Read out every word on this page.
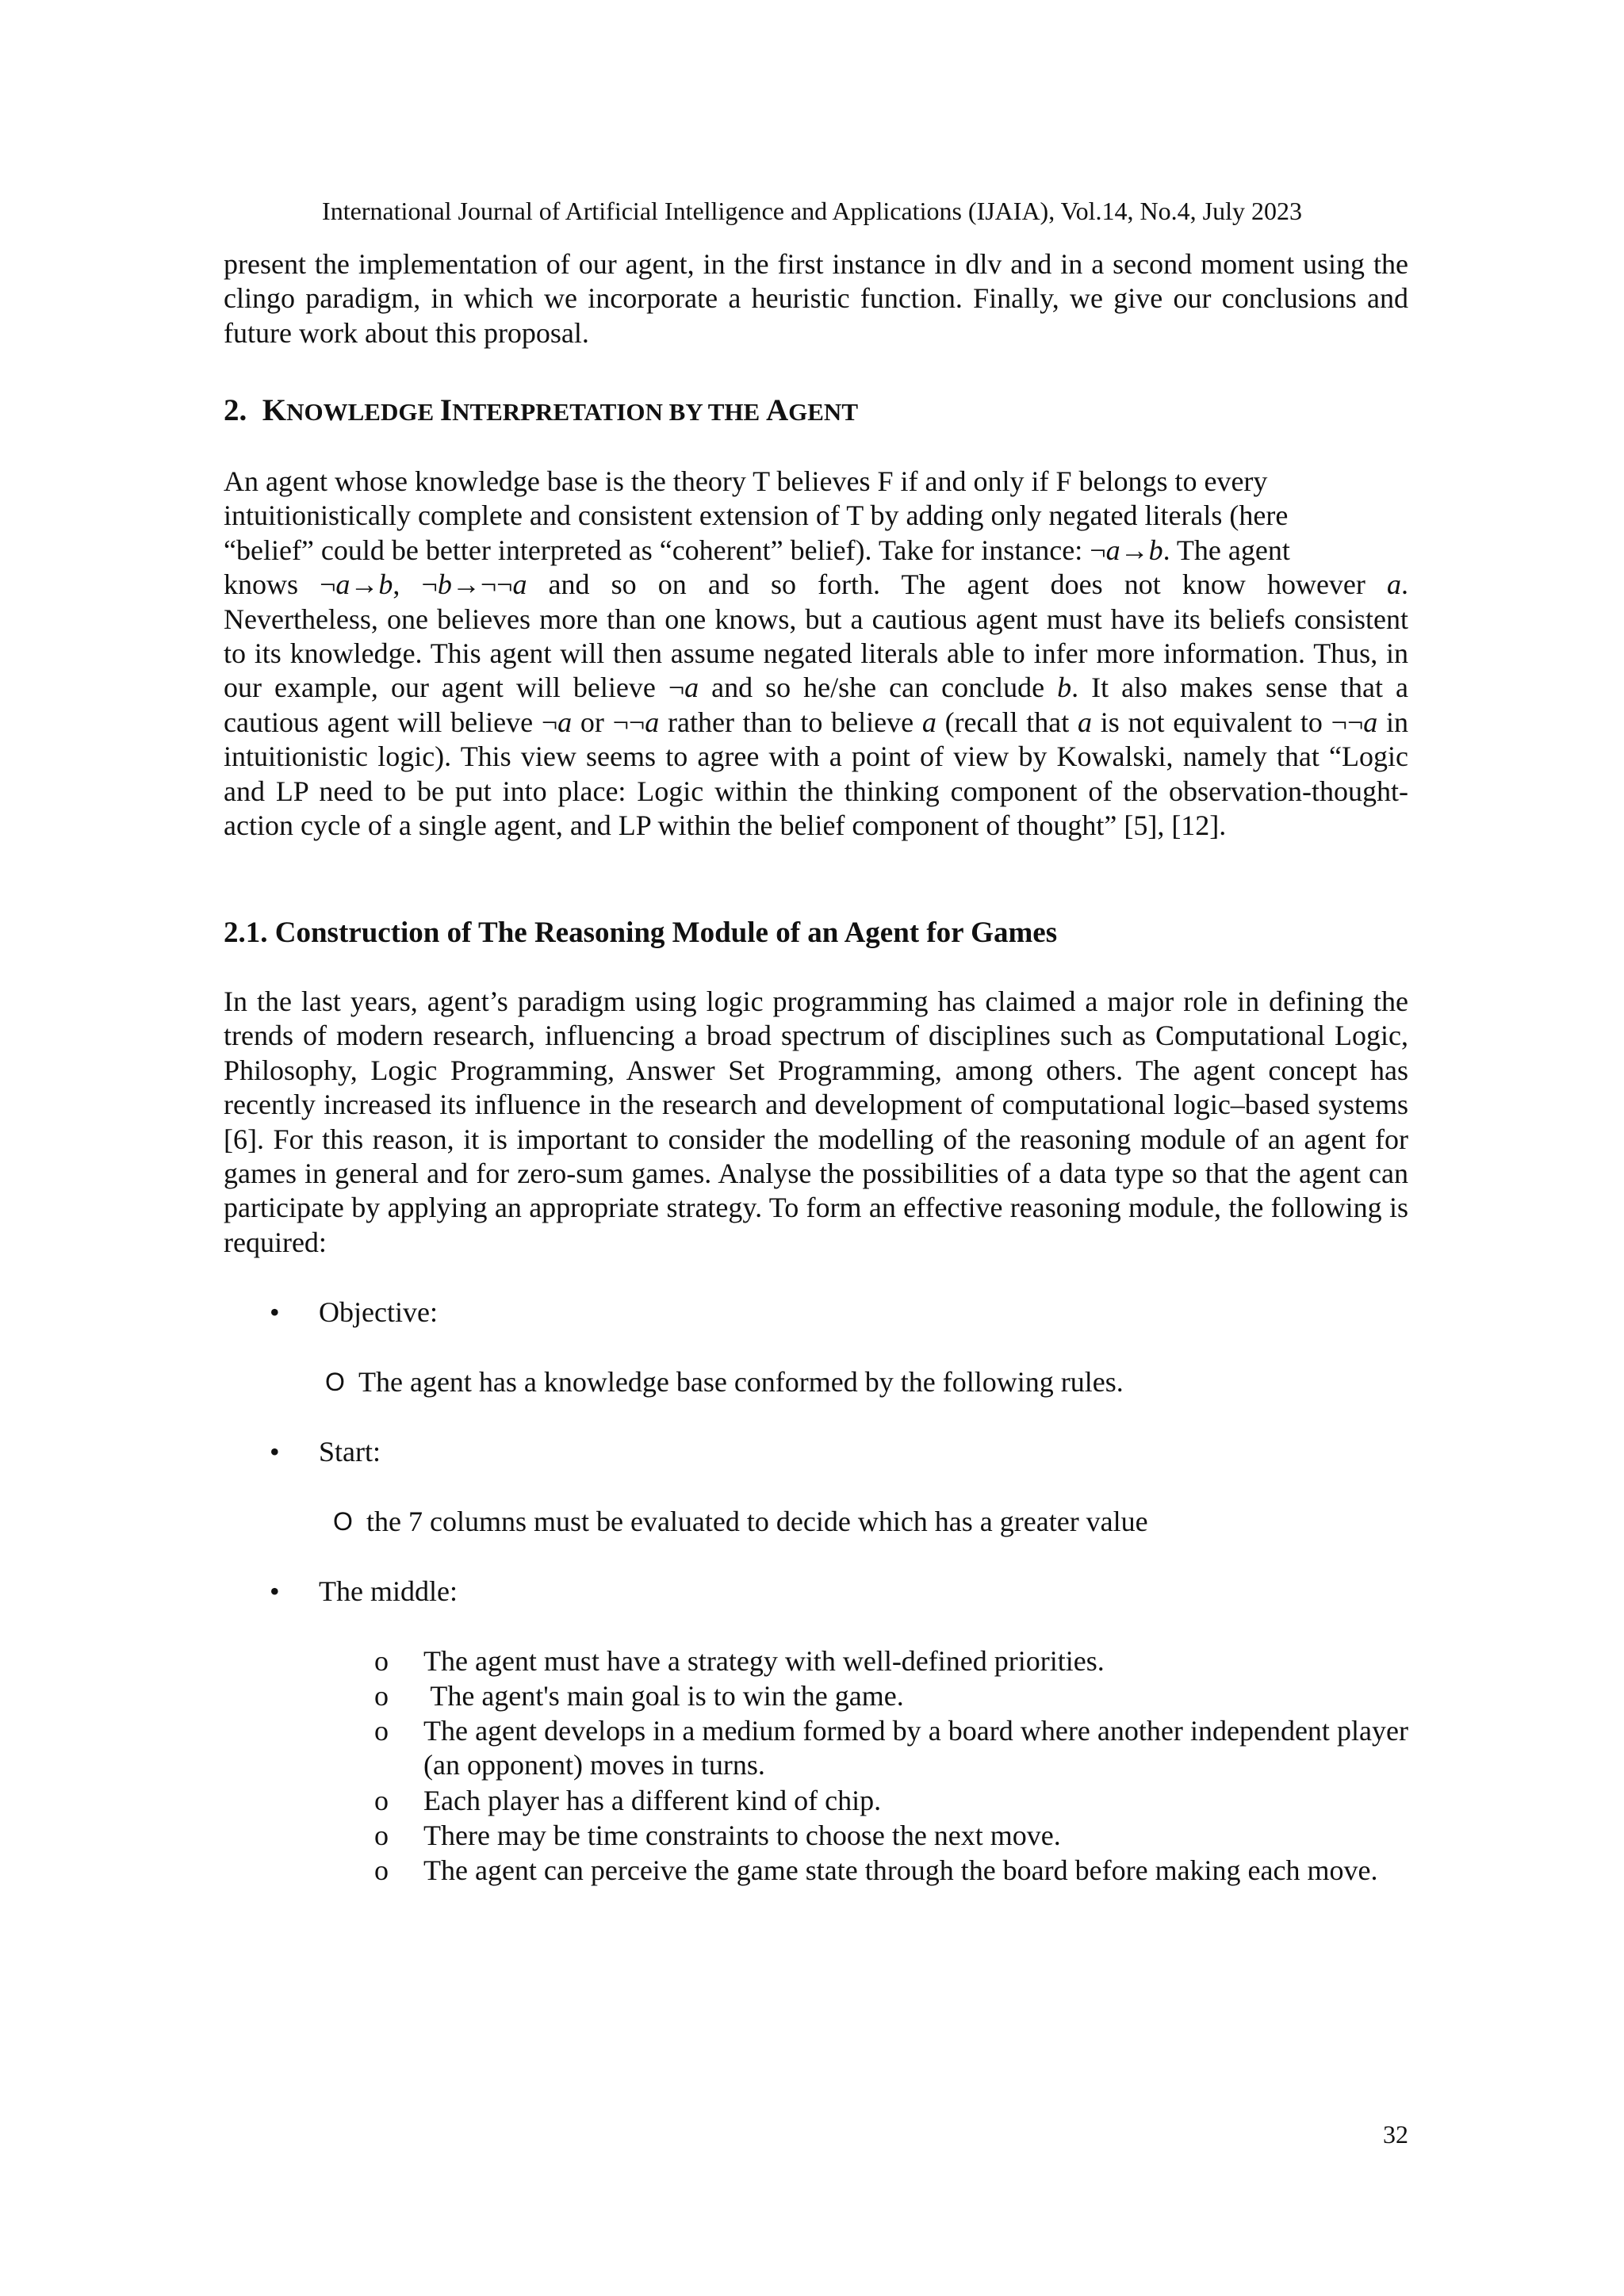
International Journal of Artificial Intelligence and Applications (IJAIA), Vol.14, No.4, July 2023

present the implementation of our agent, in the first instance in dlv and in a second moment using the clingo paradigm, in which we incorporate a heuristic function. Finally, we give our conclusions and future work about this proposal.

2. KNOWLEDGE INTERPRETATION BY THE AGENT

An agent whose knowledge base is the theory T believes F if and only if F belongs to every

intuitionistically complete and consistent extension of T by adding only negated literals (here

“belief” could be better interpreted as “coherent” belief). Take for instance: ¬a→b. The agent

knows ¬a→b, ¬b→¬¬a and so on and so forth. The agent does not know however a.

Nevertheless, one believes more than one knows, but a cautious agent must have its beliefs consistent to its knowledge. This agent will then assume negated literals able to infer more information. Thus, in our example, our agent will believe ¬a and so he/she can conclude b. It also makes sense that a cautious agent will believe ¬a or ¬¬a rather than to believe a (recall that a is not equivalent to ¬¬a in intuitionistic logic). This view seems to agree with a point of view by Kowalski, namely that “Logic and LP need to be put into place: Logic within the thinking component of the observation-thought-action cycle of a single agent, and LP within the belief component of thought” [5], [12].

2.1. Construction of The Reasoning Module of an Agent for Games

In the last years, agent’s paradigm using logic programming has claimed a major role in defining the trends of modern research, influencing a broad spectrum of disciplines such as Computational Logic, Philosophy, Logic Programming, Answer Set Programming, among others. The agent concept has recently increased its influence in the research and development of computational logic–based systems [6]. For this reason, it is important to consider the modelling of the reasoning module of an agent for games in general and for zero-sum games. Analyse the possibilities of a data type so that the agent can participate by applying an appropriate strategy. To form an effective reasoning module, the following is required:

• Objective:
O The agent has a knowledge base conformed by the following rules.
• Start:
O the 7 columns must be evaluated to decide which has a greater value
• The middle:
o The agent must have a strategy with well-defined priorities.
o The agent's main goal is to win the game.
o The agent develops in a medium formed by a board where another independent player (an opponent) moves in turns.
o Each player has a different kind of chip.
o There may be time constraints to choose the next move.
o The agent can perceive the game state through the board before making each move.
32
